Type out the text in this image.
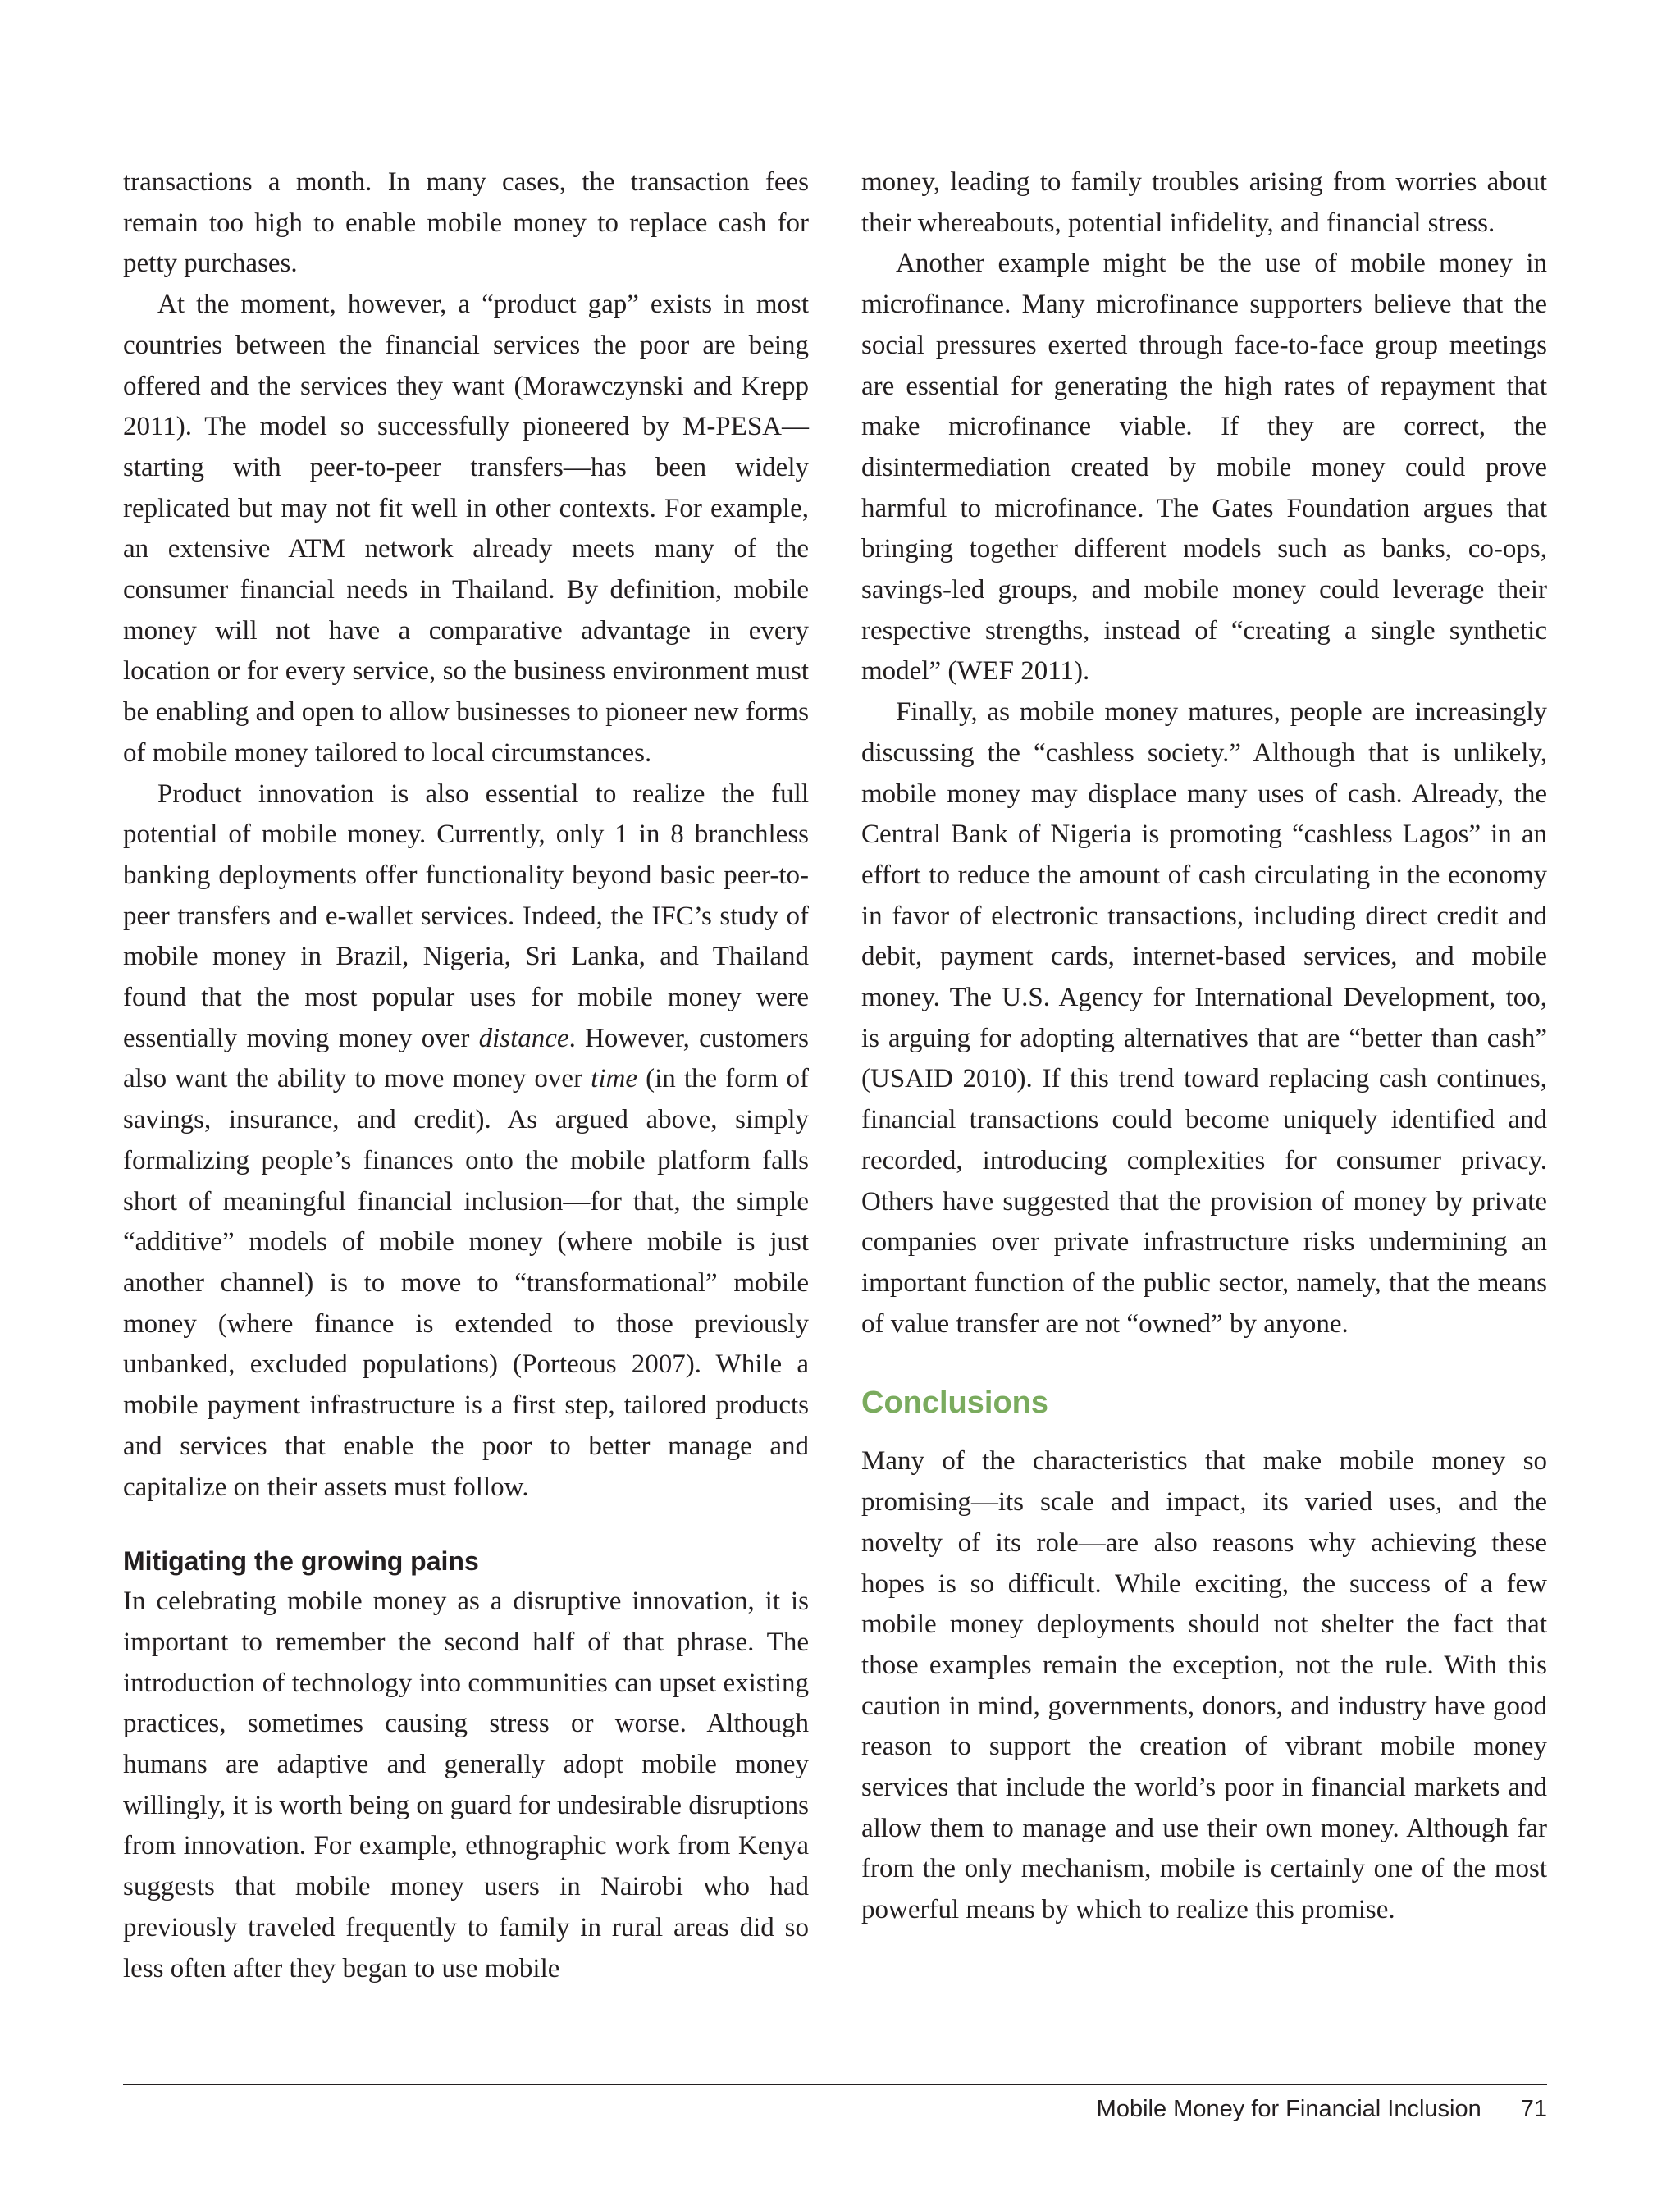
transactions a month. In many cases, the transaction fees remain too high to enable mobile money to replace cash for petty purchases.

At the moment, however, a “product gap” exists in most countries between the financial services the poor are being offered and the services they want (Morawczynski and Krepp 2011). The model so successfully pioneered by M-PESA—starting with peer-to-peer transfers—has been widely replicated but may not fit well in other contexts. For example, an extensive ATM network already meets many of the consumer financial needs in Thailand. By definition, mobile money will not have a comparative advantage in every location or for every service, so the business environment must be enabling and open to allow businesses to pioneer new forms of mobile money tailored to local circumstances.

Product innovation is also essential to realize the full potential of mobile money. Currently, only 1 in 8 branchless banking deployments offer functionality beyond basic peer-to-peer transfers and e-wallet services. Indeed, the IFC’s study of mobile money in Brazil, Nigeria, Sri Lanka, and Thailand found that the most popular uses for mobile money were essentially moving money over distance. However, customers also want the ability to move money over time (in the form of savings, insurance, and credit). As argued above, simply formalizing people’s finances onto the mobile platform falls short of meaningful financial inclusion—for that, the simple “additive” models of mobile money (where mobile is just another channel) is to move to “transformational” mobile money (where finance is extended to those previously unbanked, excluded populations) (Porteous 2007). While a mobile payment infrastructure is a first step, tailored products and services that enable the poor to better manage and capitalize on their assets must follow.

Mitigating the growing pains

In celebrating mobile money as a disruptive innovation, it is important to remember the second half of that phrase. The introduction of technology into communities can upset existing practices, sometimes causing stress or worse. Although humans are adaptive and generally adopt mobile money willingly, it is worth being on guard for undesirable disruptions from innovation. For example, ethnographic work from Kenya suggests that mobile money users in Nairobi who had previously traveled frequently to family in rural areas did so less often after they began to use mobile

money, leading to family troubles arising from worries about their whereabouts, potential infidelity, and financial stress.

Another example might be the use of mobile money in microfinance. Many microfinance supporters believe that the social pressures exerted through face-to-face group meetings are essential for generating the high rates of repayment that make microfinance viable. If they are correct, the disintermediation created by mobile money could prove harmful to microfinance. The Gates Foundation argues that bringing together different models such as banks, co-ops, savings-led groups, and mobile money could leverage their respective strengths, instead of “creating a single synthetic model” (WEF 2011).

Finally, as mobile money matures, people are increasingly discussing the “cashless society.” Although that is unlikely, mobile money may displace many uses of cash. Already, the Central Bank of Nigeria is promoting “cashless Lagos” in an effort to reduce the amount of cash circulating in the economy in favor of electronic transactions, including direct credit and debit, payment cards, internet-based services, and mobile money. The U.S. Agency for International Development, too, is arguing for adopting alternatives that are “better than cash” (USAID 2010). If this trend toward replacing cash continues, financial transactions could become uniquely identified and recorded, introducing complexities for consumer privacy. Others have suggested that the provision of money by private companies over private infrastructure risks undermining an important function of the public sector, namely, that the means of value transfer are not “owned” by anyone.

Conclusions

Many of the characteristics that make mobile money so promising—its scale and impact, its varied uses, and the novelty of its role—are also reasons why achieving these hopes is so difficult. While exciting, the success of a few mobile money deployments should not shelter the fact that those examples remain the exception, not the rule. With this caution in mind, governments, donors, and industry have good reason to support the creation of vibrant mobile money services that include the world’s poor in financial markets and allow them to manage and use their own money. Although far from the only mechanism, mobile is certainly one of the most powerful means by which to realize this promise.

Mobile Money for Financial Inclusion 71
